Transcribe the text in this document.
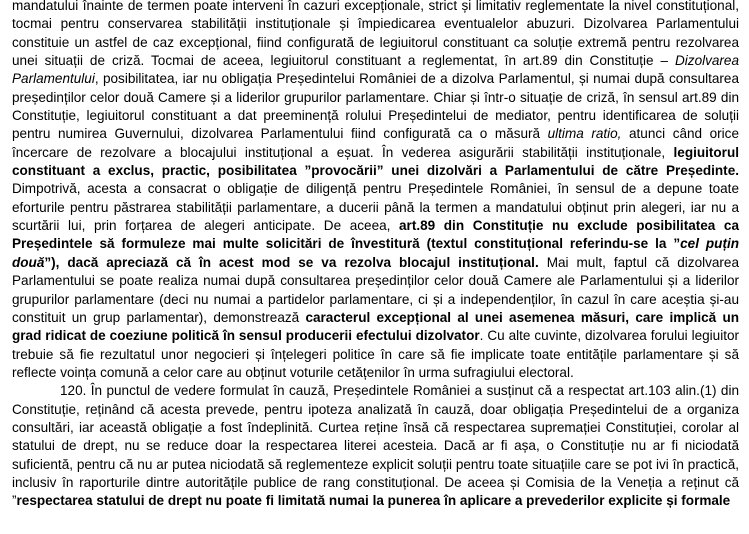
mandatului înainte de termen poate interveni în cazuri excepționale, strict și limitativ reglementate la nivel constituțional, tocmai pentru conservarea stabilității instituționale și împiedicarea eventualelor abuzuri. Dizolvarea Parlamentului constituie un astfel de caz excepțional, fiind configurată de legiuitorul constituant ca soluție extremă pentru rezolvarea unei situații de criză. Tocmai de aceea, legiuitorul constituant a reglementat, în art.89 din Constituție – Dizolvarea Parlamentului, posibilitatea, iar nu obligația Președintelui României de a dizolva Parlamentul, și numai după consultarea președinților celor două Camere și a liderilor grupurilor parlamentare. Chiar și într-o situație de criză, în sensul art.89 din Constituție, legiuitorul constituant a dat preeminență rolului Președintelui de mediator, pentru identificarea de soluții pentru numirea Guvernului, dizolvarea Parlamentului fiind configurată ca o măsură ultima ratio, atunci când orice încercare de rezolvare a blocajului instituțional a eșuat. În vederea asigurării stabilității instituționale, legiuitorul constituant a exclus, practic, posibilitatea ”provocării” unei dizolvări a Parlamentului de către Președinte. Dimpotrivă, acesta a consacrat o obligație de diligență pentru Președintele României, în sensul de a depune toate eforturile pentru păstrarea stabilității parlamentare, a ducerii până la termen a mandatului obținut prin alegeri, iar nu a scurtării lui, prin forțarea de alegeri anticipate. De aceea, art.89 din Constituție nu exclude posibilitatea ca Președintele să formuleze mai multe solicitări de învestitură (textul constituțional referindu-se la ”cel puțin două”), dacă apreciază că în acest mod se va rezolva blocajul instituțional. Mai mult, faptul că dizolvarea Parlamentului se poate realiza numai după consultarea președinților celor două Camere ale Parlamentului și a liderilor grupurilor parlamentare (deci nu numai a partidelor parlamentare, ci și a independenților, în cazul în care aceștia și-au constituit un grup parlamentar), demonstrează caracterul excepțional al unei asemenea măsuri, care implică un grad ridicat de coeziune politică în sensul producerii efectului dizolvator. Cu alte cuvinte, dizolvarea forului legiuitor trebuie să fie rezultatul unor negocieri și înțelegeri politice în care să fie implicate toate entitățile parlamentare și să reflecte voința comună a celor care au obținut voturile cetățenilor în urma sufragiului electoral.

120. În punctul de vedere formulat în cauză, Președintele României a susținut că a respectat art.103 alin.(1) din Constituție, reținând că acesta prevede, pentru ipoteza analizată în cauză, doar obligația Președintelui de a organiza consultări, iar această obligație a fost îndeplinită. Curtea reține însă că respectarea supremației Constituției, corolar al statului de drept, nu se reduce doar la respectarea literei acesteia. Dacă ar fi așa, o Constituție nu ar fi niciodată suficientă, pentru că nu ar putea niciodată să reglementeze explicit soluții pentru toate situațiile care se pot ivi în practică, inclusiv în raporturile dintre autoritățile publice de rang constituțional. De aceea și Comisia de la Veneția a reținut că ”respectarea statului de drept nu poate fi limitată numai la punerea în aplicare a prevederilor explicite și formale
